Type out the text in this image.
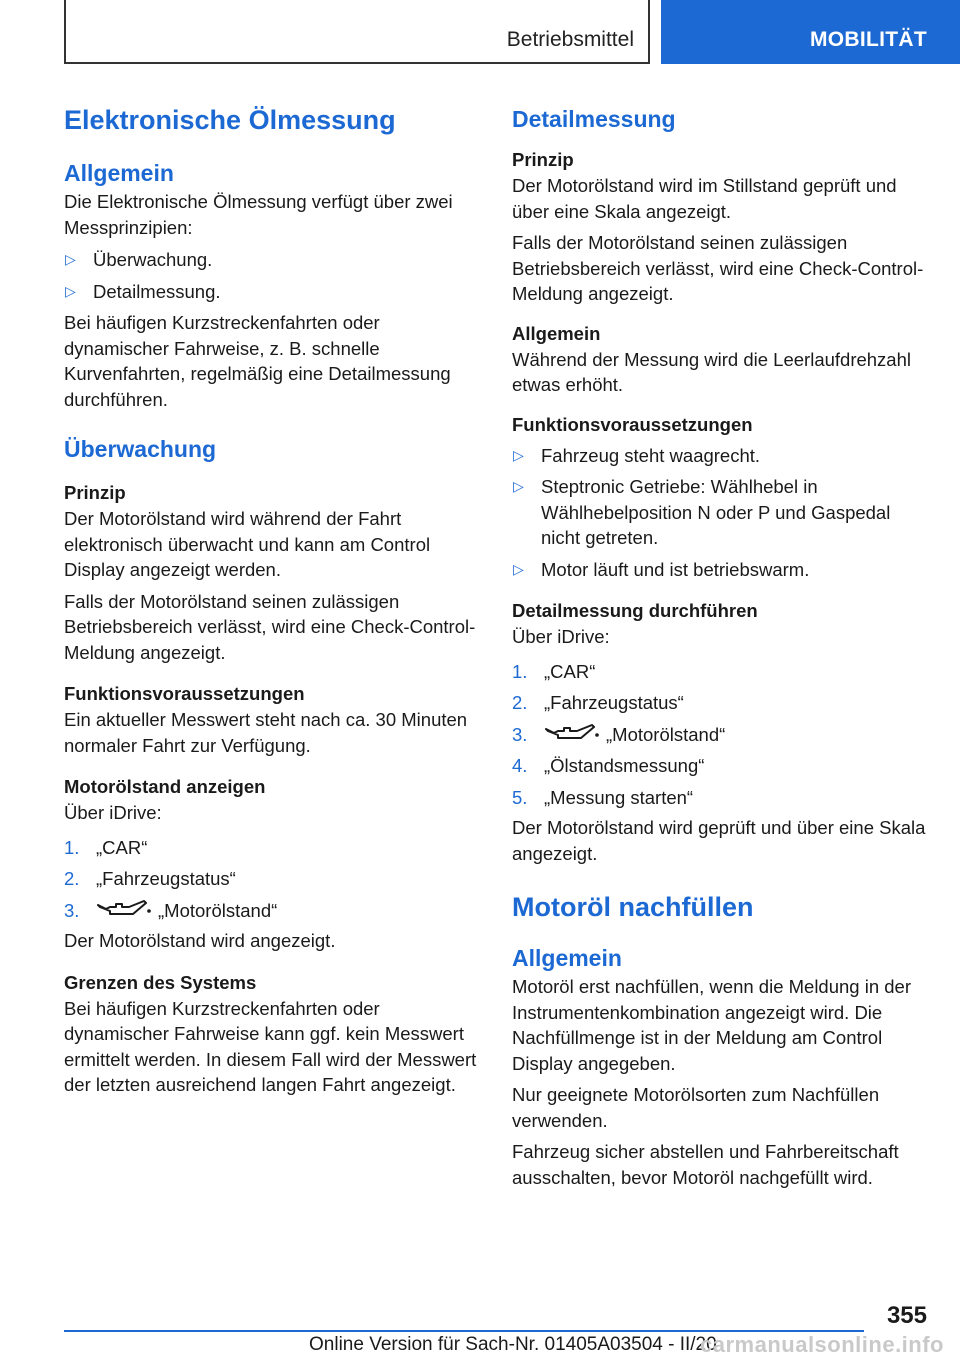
Betriebsmittel	MOBILITÄT
Elektronische Ölmessung
Allgemein
Die Elektronische Ölmessung verfügt über zwei Messprinzipien:
▷ Überwachung.
▷ Detailmessung.
Bei häufigen Kurzstreckenfahrten oder dynamischer Fahrweise, z. B. schnelle Kurvenfahrten, regelmäßig eine Detailmessung durchführen.
Überwachung
Prinzip
Der Motorölstand wird während der Fahrt elektronisch überwacht und kann am Control Display angezeigt werden.
Falls der Motorölstand seinen zulässigen Betriebsbereich verlässt, wird eine Check-Control-Meldung angezeigt.
Funktionsvoraussetzungen
Ein aktueller Messwert steht nach ca. 30 Minuten normaler Fahrt zur Verfügung.
Motorölstand anzeigen
Über iDrive:
1. „CAR“
2. „Fahrzeugstatus“
3.	„Motorölstand“
Der Motorölstand wird angezeigt.
Grenzen des Systems
Bei häufigen Kurzstreckenfahrten oder dynamischer Fahrweise kann ggf. kein Messwert ermittelt werden. In diesem Fall wird der Messwert der letzten ausreichend langen Fahrt angezeigt.
Detailmessung
Prinzip
Der Motorölstand wird im Stillstand geprüft und über eine Skala angezeigt.
Falls der Motorölstand seinen zulässigen Betriebsbereich verlässt, wird eine Check-Control-Meldung angezeigt.
Allgemein
Während der Messung wird die Leerlaufdrehzahl etwas erhöht.
Funktionsvoraussetzungen
▷ Fahrzeug steht waagrecht.
▷ Steptronic Getriebe: Wählhebel in Wählhebelposition N oder P und Gaspedal nicht getreten.
▷ Motor läuft und ist betriebswarm.
Detailmessung durchführen
Über iDrive:
1. „CAR“
2. „Fahrzeugstatus“
3.	„Motorölstand“
4. „Ölstandsmessung“
5. „Messung starten“
Der Motorölstand wird geprüft und über eine Skala angezeigt.
Motoröl nachfüllen
Allgemein
Motoröl erst nachfüllen, wenn die Meldung in der Instrumentenkombination angezeigt wird. Die Nachfüllmenge ist in der Meldung am Control Display angegeben.
Nur geeignete Motorölsorten zum Nachfüllen verwenden.
Fahrzeug sicher abstellen und Fahrbereitschaft ausschalten, bevor Motoröl nachgefüllt wird.
355
Online Version für Sach-Nr. 01405A03504 - II/20
carmanualsonline.info
